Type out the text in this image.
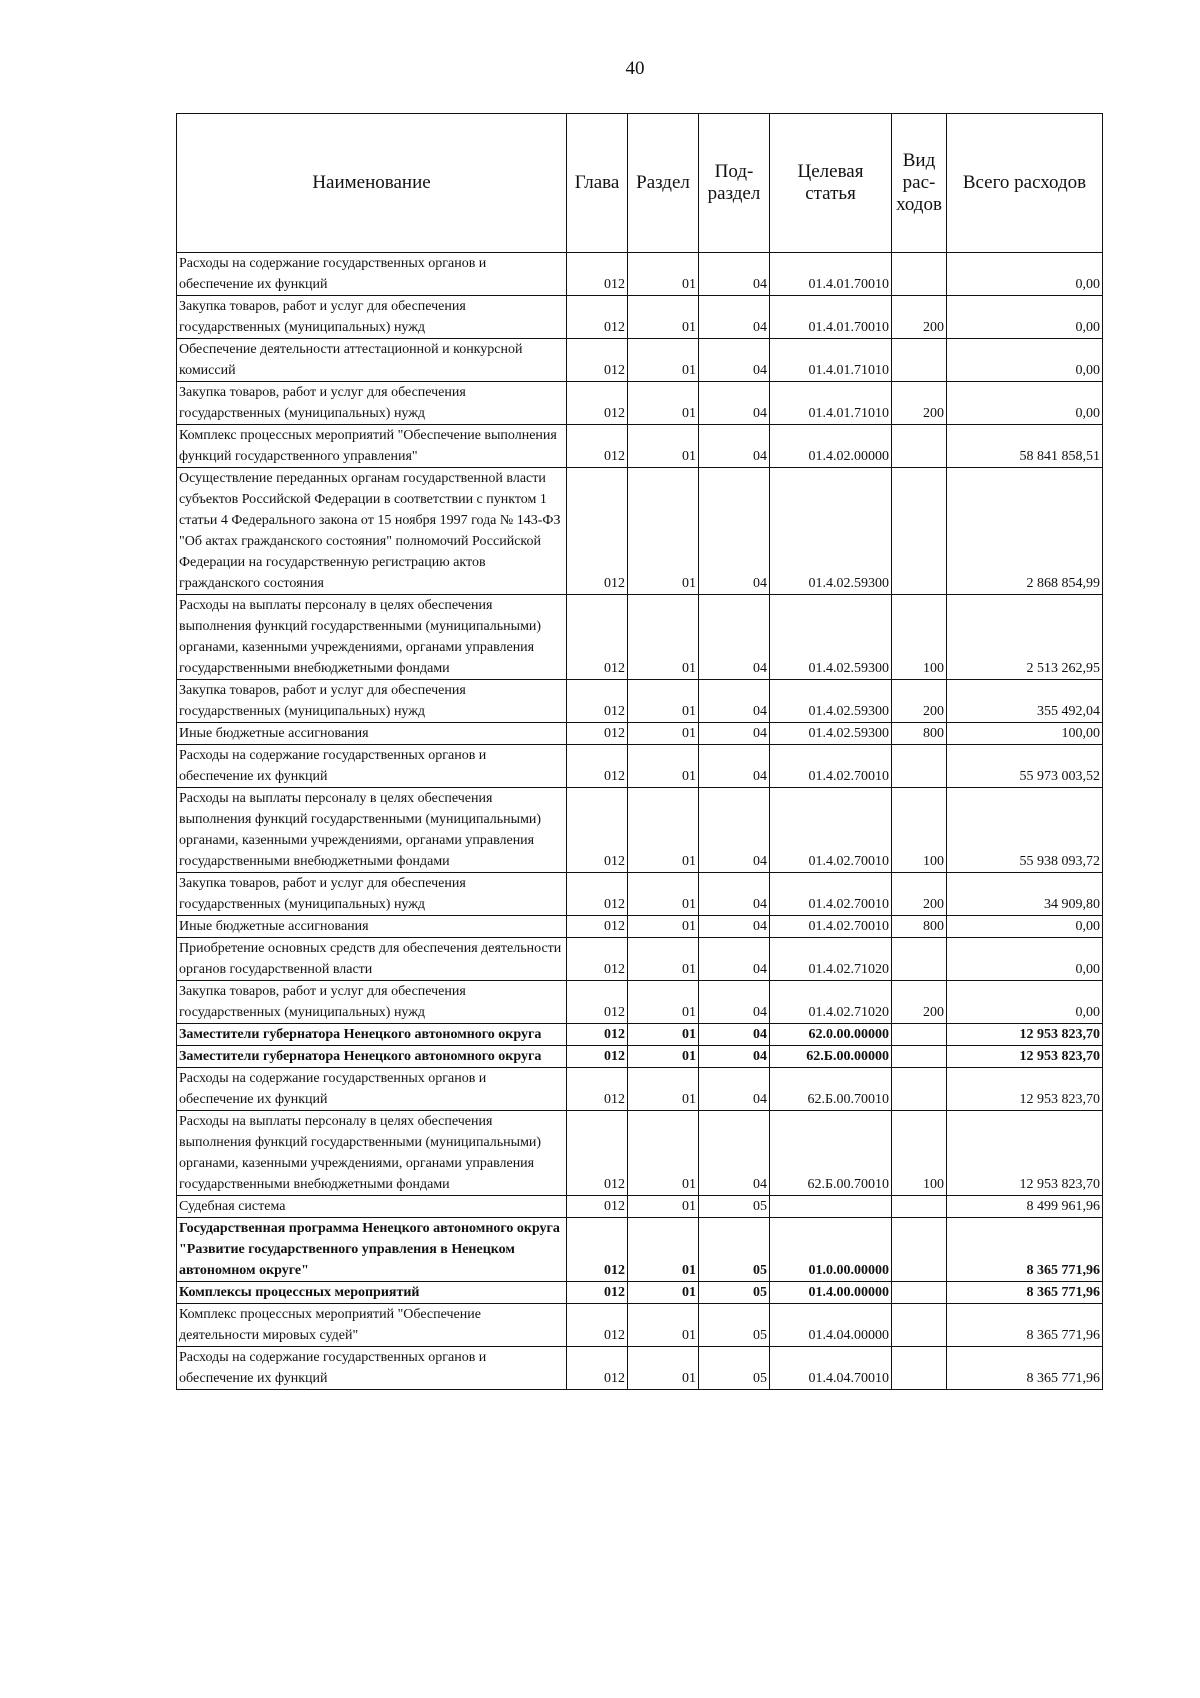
40
Наименование	Глава	Раздел	Под-раздел	Целевая статья	Вид рас-ходов	Всего расходов
Расходы на содержание государственных органов и обеспечение их функций	012	01	04	01.4.01.70010		0,00
Закупка товаров, работ и услуг для обеспечения государственных (муниципальных) нужд	012	01	04	01.4.01.70010	200	0,00
Обеспечение деятельности аттестационной и конкурсной комиссий	012	01	04	01.4.01.71010		0,00
Закупка товаров, работ и услуг для обеспечения государственных (муниципальных) нужд	012	01	04	01.4.01.71010	200	0,00
Комплекс процессных мероприятий "Обеспечение выполнения функций государственного управления"	012	01	04	01.4.02.00000		58 841 858,51
Осуществление переданных органам государственной власти субъектов Российской Федерации в соответствии с пунктом 1 статьи 4 Федерального закона от 15 ноября 1997 года № 143-ФЗ "Об актах гражданского состояния" полномочий Российской Федерации на государственную регистрацию актов гражданского состояния	012	01	04	01.4.02.59300		2 868 854,99
Расходы на выплаты персоналу в целях обеспечения выполнения функций государственными (муниципальными) органами, казенными учреждениями, органами управления государственными внебюджетными фондами	012	01	04	01.4.02.59300	100	2 513 262,95
Закупка товаров, работ и услуг для обеспечения государственных (муниципальных) нужд	012	01	04	01.4.02.59300	200	355 492,04
Иные бюджетные ассигнования	012	01	04	01.4.02.59300	800	100,00
Расходы на содержание государственных органов и обеспечение их функций	012	01	04	01.4.02.70010		55 973 003,52
Расходы на выплаты персоналу в целях обеспечения выполнения функций государственными (муниципальными) органами, казенными учреждениями, органами управления государственными внебюджетными фондами	012	01	04	01.4.02.70010	100	55 938 093,72
Закупка товаров, работ и услуг для обеспечения государственных (муниципальных) нужд	012	01	04	01.4.02.70010	200	34 909,80
Иные бюджетные ассигнования	012	01	04	01.4.02.70010	800	0,00
Приобретение основных средств для обеспечения деятельности органов государственной власти	012	01	04	01.4.02.71020		0,00
Закупка товаров, работ и услуг для обеспечения государственных (муниципальных) нужд	012	01	04	01.4.02.71020	200	0,00
Заместители губернатора Ненецкого автономного округа	012	01	04	62.0.00.00000		12 953 823,70
Заместители губернатора Ненецкого автономного округа	012	01	04	62.Б.00.00000		12 953 823,70
Расходы на содержание государственных органов и обеспечение их функций	012	01	04	62.Б.00.70010		12 953 823,70
Расходы на выплаты персоналу в целях обеспечения выполнения функций государственными (муниципальными) органами, казенными учреждениями, органами управления государственными внебюджетными фондами	012	01	04	62.Б.00.70010	100	12 953 823,70
Судебная система	012	01	05			8 499 961,96
Государственная программа Ненецкого автономного округа "Развитие государственного управления в Ненецком автономном округе"	012	01	05	01.0.00.00000		8 365 771,96
Комплексы процессных мероприятий	012	01	05	01.4.00.00000		8 365 771,96
Комплекс процессных мероприятий "Обеспечение деятельности мировых судей"	012	01	05	01.4.04.00000		8 365 771,96
Расходы на содержание государственных органов и обеспечение их функций	012	01	05	01.4.04.70010		8 365 771,96
